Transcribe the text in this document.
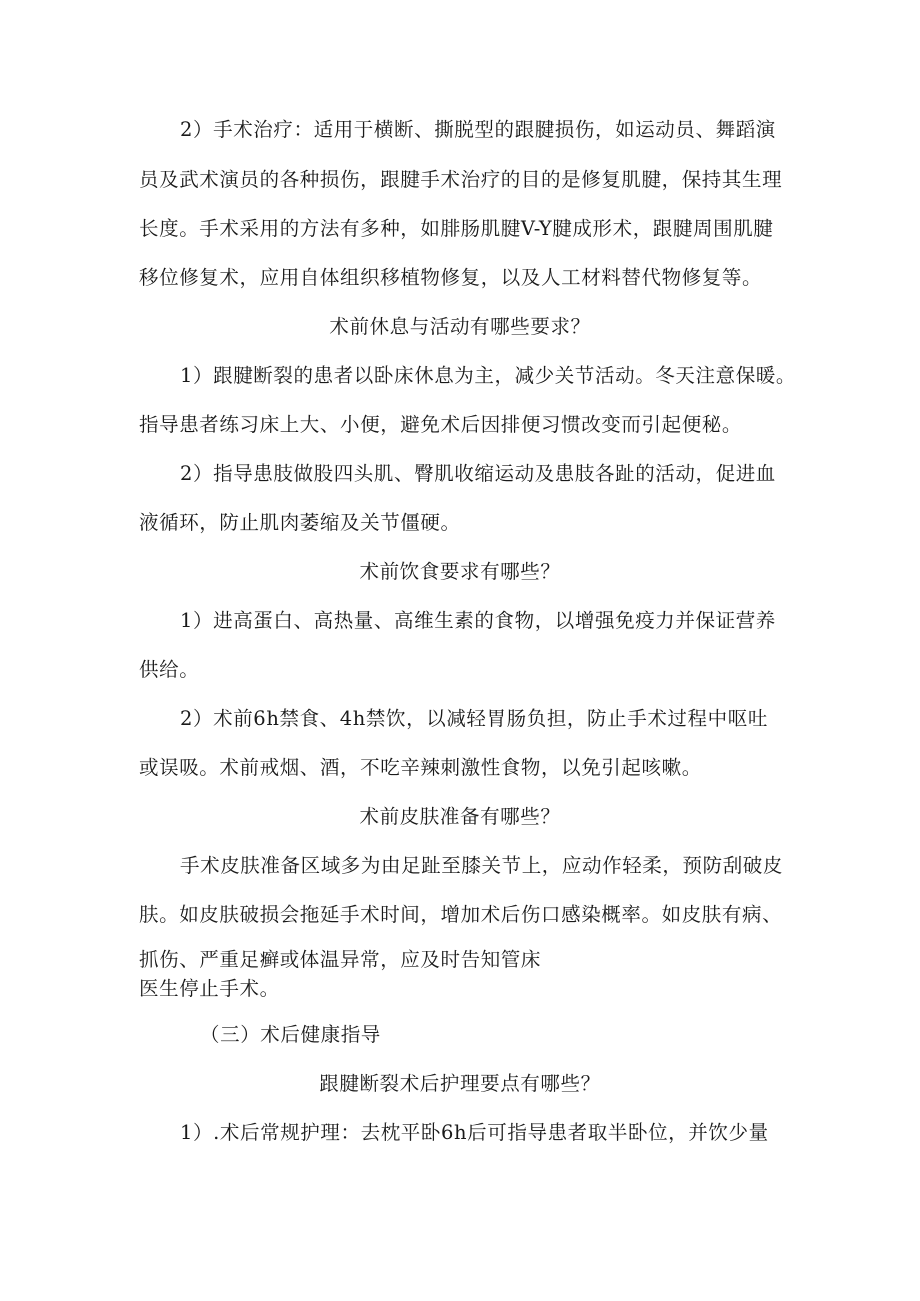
2）手术治疗：适用于横断、撕脱型的跟腱损伤，如运动员、舞蹈演
员及武术演员的各种损伤，跟腱手术治疗的目的是修复肌腱，保持其生理
长度。手术采用的方法有多种，如腓肠肌腱V-Y腱成形术，跟腱周围肌腱
移位修复术，应用自体组织移植物修复，以及人工材料替代物修复等。
术前休息与活动有哪些要求？
1）跟腱断裂的患者以卧床休息为主，减少关节活动。冬天注意保暖。
指导患者练习床上大、小便，避免术后因排便习惯改变而引起便秘。
2）指导患肢做股四头肌、臀肌收缩运动及患肢各趾的活动，促进血
液循环，防止肌肉萎缩及关节僵硬。
术前饮食要求有哪些？
1）进高蛋白、高热量、高维生素的食物，以增强免疫力并保证营养
供给。
2）术前6h禁食、4h禁饮，以减轻胃肠负担，防止手术过程中呕吐
或误吸。术前戒烟、酒，不吃辛辣刺激性食物，以免引起咳嗽。
术前皮肤准备有哪些？
手术皮肤准备区域多为由足趾至膝关节上，应动作轻柔，预防刮破皮
肤。如皮肤破损会拖延手术时间，增加术后伤口感染概率。如皮肤有病、
抓伤、严重足癣或体温异常，应及时告知管床
医生停止手术。
（三）术后健康指导
跟腱断裂术后护理要点有哪些？
1）.术后常规护理：去枕平卧6h后可指导患者取半卧位，并饮少量
